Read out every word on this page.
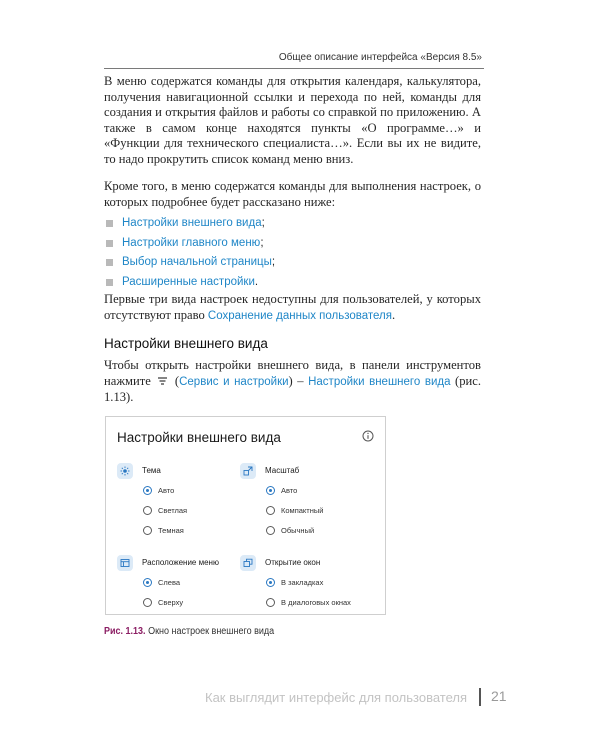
Общее описание интерфейса «Версия 8.5»

В меню содержатся команды для открытия календаря, калькулятора, получения навигационной ссылки и перехода по ней, команды для создания и открытия файлов и работы со справкой по приложению. А также в самом конце находятся пункты «О программе…» и «Функции для технического специалиста…». Если вы их не видите, то надо прокрутить список команд меню вниз.

Кроме того, в меню содержатся команды для выполнения настроек, о которых подробнее будет рассказано ниже:

Настройки внешнего вида ;
Настройки главного меню ;
Выбор начальной страницы ;
Расширенные настройки .

Первые три вида настроек недоступны для пользователей, у которых отсутствуют право Сохранение данных пользователя.

Настройки внешнего вида

Чтобы открыть настройки внешнего вида, в панели инструментов нажмите  (Сервис и настройки) – Настройки внешнего вида (рис. 1.13).

Настройки внешнего вида
Тема
Авто
Светлая
Темная
Масштаб
Авто
Компактный
Обычный
Расположение меню
Слева
Сверху
Открытие окон
В закладках
В диалоговых окнах
Рис. 1.13. Окно настроек внешнего вида
Как выглядит интерфейс для пользователя 21
